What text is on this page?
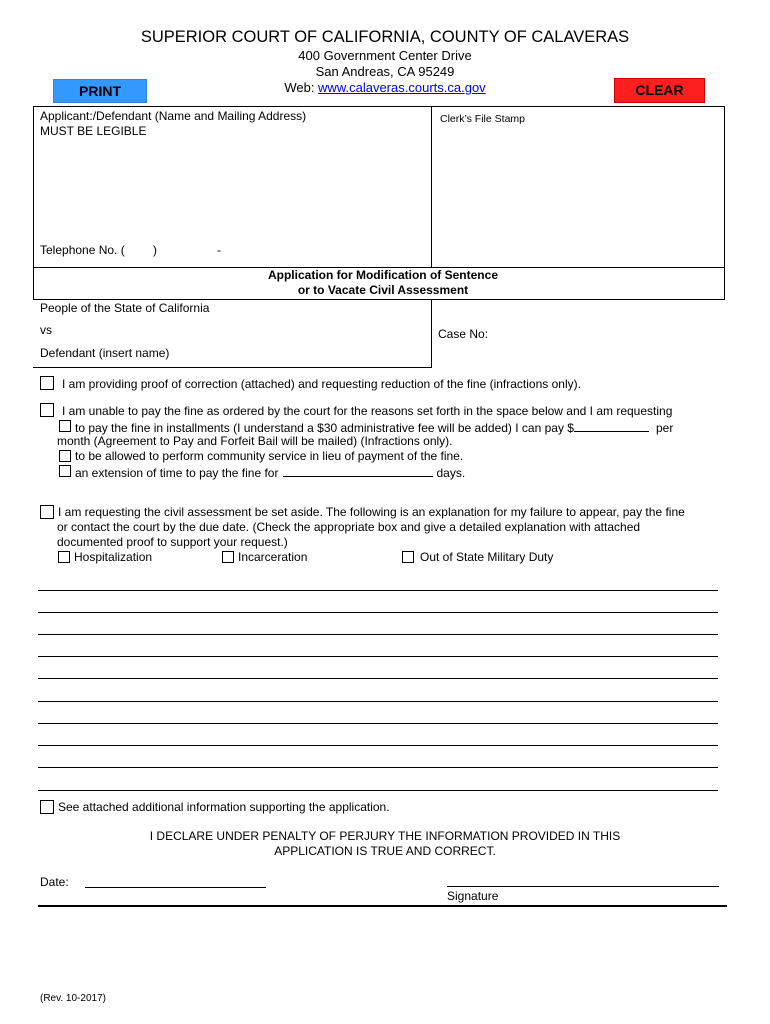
SUPERIOR COURT OF CALIFORNIA, COUNTY OF CALAVERAS
400 Government Center Drive
San Andreas, CA 95249
Web: www.calaveras.courts.ca.gov
PRINT	CLEAR
Applicant:/Defendant (Name and Mailing Address)
MUST BE LEGIBLE
Telephone No. ( )	-
Clerk’s File Stamp
Application for Modification of Sentence
or to Vacate Civil Assessment
People of the State of California
vs
Defendant (insert name)
Case No:
I am providing proof of correction (attached) and requesting reduction of the fine (infractions only).
I am unable to pay the fine as ordered by the court for the reasons set forth in the space below and I am requesting
to pay the fine in installments (I understand a $30 administrative fee will be added) I can pay $	per
month (Agreement to Pay and Forfeit Bail will be mailed) (Infractions only).
to be allowed to perform community service in lieu of payment of the fine.
an extension of time to pay the fine for	days.
I am requesting the civil assessment be set aside. The following is an explanation for my failure to appear, pay the fine
or contact the court by the due date. (Check the appropriate box and give a detailed explanation with attached
documented proof to support your request.)
Hospitalization	Incarceration	Out of State Military Duty
See attached additional information supporting the application.
I DECLARE UNDER PENALTY OF PERJURY THE INFORMATION PROVIDED IN THIS
APPLICATION IS TRUE AND CORRECT.
Date:
Signature
(Rev. 10-2017)
